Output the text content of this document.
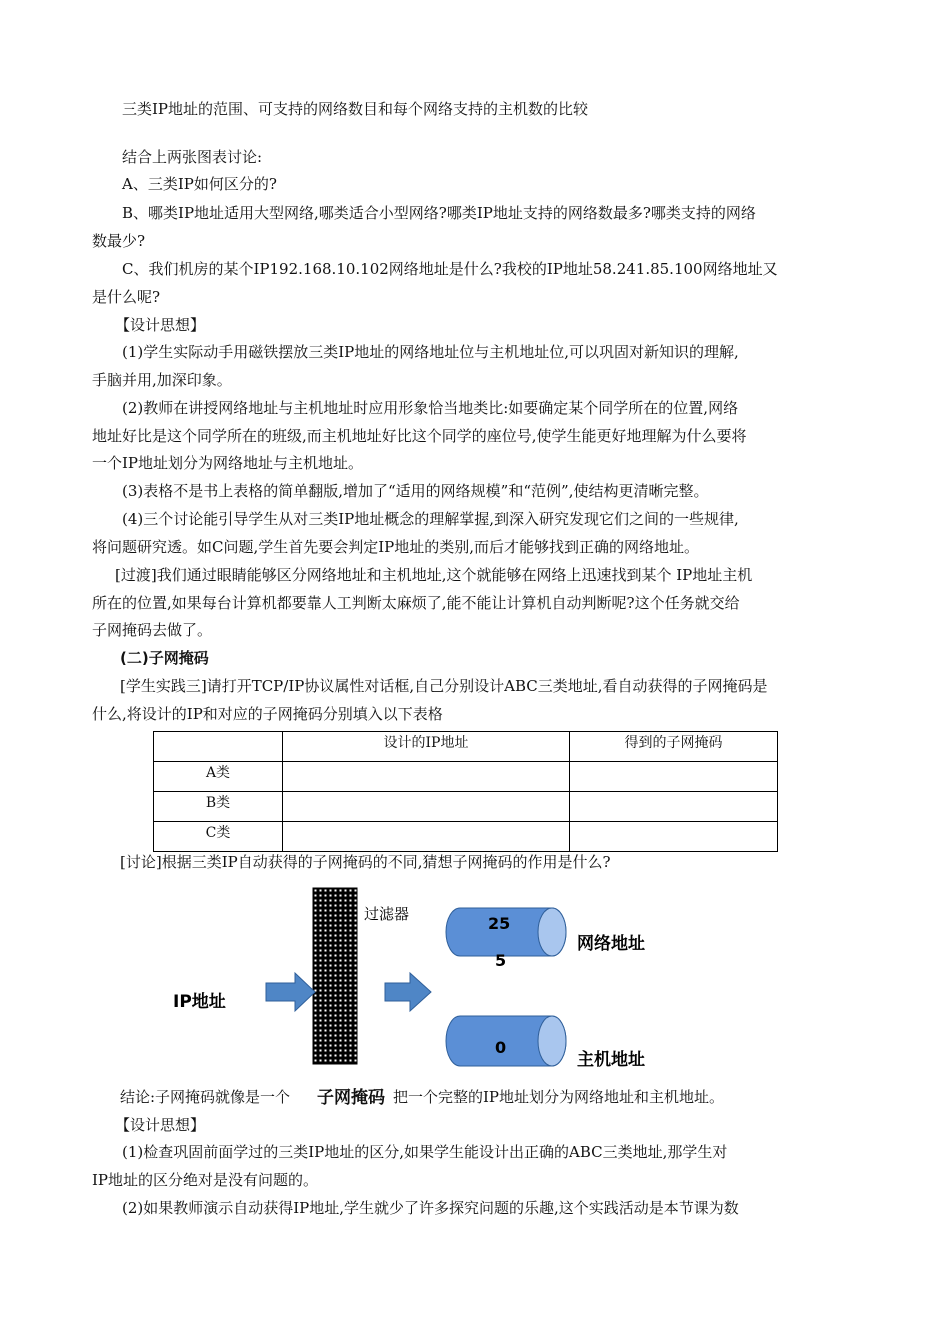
三类IP地址的范围、可支持的网络数目和每个网络支持的主机数的比较
结合上两张图表讨论:
A、三类IP如何区分的?
B、哪类IP地址适用大型网络,哪类适合小型网络?哪类IP地址支持的网络数最多?哪类支持的网络
数最少?
C、我们机房的某个IP192.168.10.102网络地址是什么?我校的IP地址58.241.85.100网络地址又
是什么呢?
【设计思想】
(1)学生实际动手用磁铁摆放三类IP地址的网络地址位与主机地址位,可以巩固对新知识的理解,
手脑并用,加深印象。
(2)教师在讲授网络地址与主机地址时应用形象恰当地类比:如要确定某个同学所在的位置,网络
地址好比是这个同学所在的班级,而主机地址好比这个同学的座位号,使学生能更好地理解为什么要将
一个IP地址划分为网络地址与主机地址。
(3)表格不是书上表格的简单翻版,增加了“适用的网络规模”和“范例”,使结构更清晰完整。
(4)三个讨论能引导学生从对三类IP地址概念的理解掌握,到深入研究发现它们之间的一些规律,
将问题研究透。如C问题,学生首先要会判定IP地址的类别,而后才能够找到正确的网络地址。
[过渡]我们通过眼睛能够区分网络地址和主机地址,这个就能够在网络上迅速找到某个 IP地址主机
所在的位置,如果每台计算机都要靠人工判断太麻烦了,能不能让计算机自动判断呢?这个任务就交给
子网掩码去做了。
(二)子网掩码
[学生实践三]请打开TCP/IP协议属性对话框,自己分别设计ABC三类地址,看自动获得的子网掩码是
什么,将设计的IP和对应的子网掩码分别填入以下表格
	设计的IP地址	得到的子网掩码
A类		
B类		
C类		
[讨论]根据三类IP自动获得的子网掩码的不同,猜想子网掩码的作用是什么?
过滤器
IP地址
25
5
0
网络地址
主机地址
结论:子网掩码就像是一个	子网掩码 把一个完整的IP地址划分为网络地址和主机地址。
【设计思想】
(1)检查巩固前面学过的三类IP地址的区分,如果学生能设计出正确的ABC三类地址,那学生对
IP地址的区分绝对是没有问题的。
(2)如果教师演示自动获得IP地址,学生就少了许多探究问题的乐趣,这个实践活动是本节课为数
